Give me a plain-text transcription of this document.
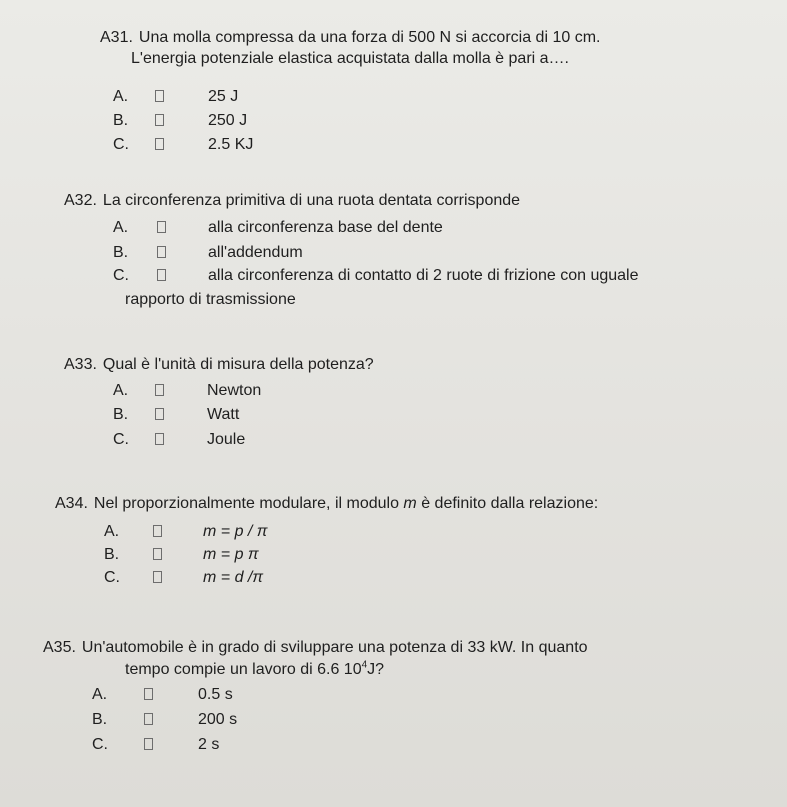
A31. Una molla compressa da una forza di 500 N si accorcia di 10 cm.

L'energia potenziale elastica acquistata dalla molla è pari a….

A.	25 J
B.	250 J
C.	2.5 KJ

A32. La circonferenza primitiva di una ruota dentata corrisponde

A.	alla circonferenza base del dente
B.	all'addendum
C.	alla circonferenza di contatto di 2 ruote di frizione con uguale

rapporto di trasmissione

A33. Qual è l'unità di misura della potenza?

A.	Newton
B.	Watt
C.	Joule

A34. Nel proporzionalmente modulare, il modulo m è definito dalla relazione:

A.	m = p / π
B.	m = p π
C.	m = d /π

A35. Un'automobile è in grado di sviluppare una potenza di 33 kW. In quanto

tempo compie un lavoro di 6.6 $10^4J$?

A.	0.5 s
B.	200 s
C.	2 s
